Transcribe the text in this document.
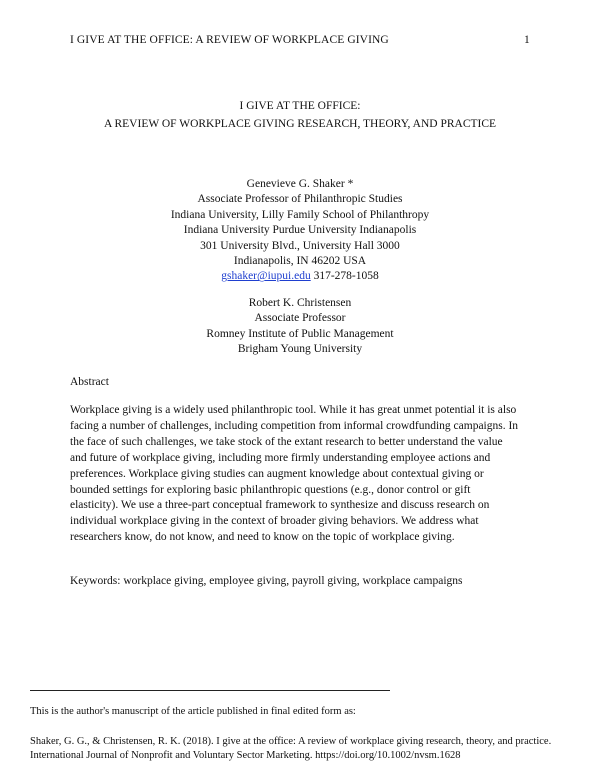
I GIVE AT THE OFFICE: A REVIEW OF WORKPLACE GIVING	1
I GIVE AT THE OFFICE:
A REVIEW OF WORKPLACE GIVING RESEARCH, THEORY, AND PRACTICE
Genevieve G. Shaker *
Associate Professor of Philanthropic Studies
Indiana University, Lilly Family School of Philanthropy
Indiana University Purdue University Indianapolis
301 University Blvd., University Hall 3000
Indianapolis, IN 46202 USA
gshaker@iupui.edu 317-278-1058
Robert K. Christensen
Associate Professor
Romney Institute of Public Management
Brigham Young University
Abstract
Workplace giving is a widely used philanthropic tool. While it has great unmet potential it is also
facing a number of challenges, including competition from informal crowdfunding campaigns. In
the face of such challenges, we take stock of the extant research to better understand the value
and future of workplace giving, including more firmly understanding employee actions and
preferences. Workplace giving studies can augment knowledge about contextual giving or
bounded settings for exploring basic philanthropic questions (e.g., donor control or gift
elasticity). We use a three-part conceptual framework to synthesize and discuss research on
individual workplace giving in the context of broader giving behaviors. We address what
researchers know, do not know, and need to know on the topic of workplace giving.
Keywords: workplace giving, employee giving, payroll giving, workplace campaigns
This is the author's manuscript of the article published in final edited form as:
Shaker, G. G., & Christensen, R. K. (2018). I give at the office: A review of workplace giving research, theory, and practice.
International Journal of Nonprofit and Voluntary Sector Marketing. https://doi.org/10.1002/nvsm.1628
